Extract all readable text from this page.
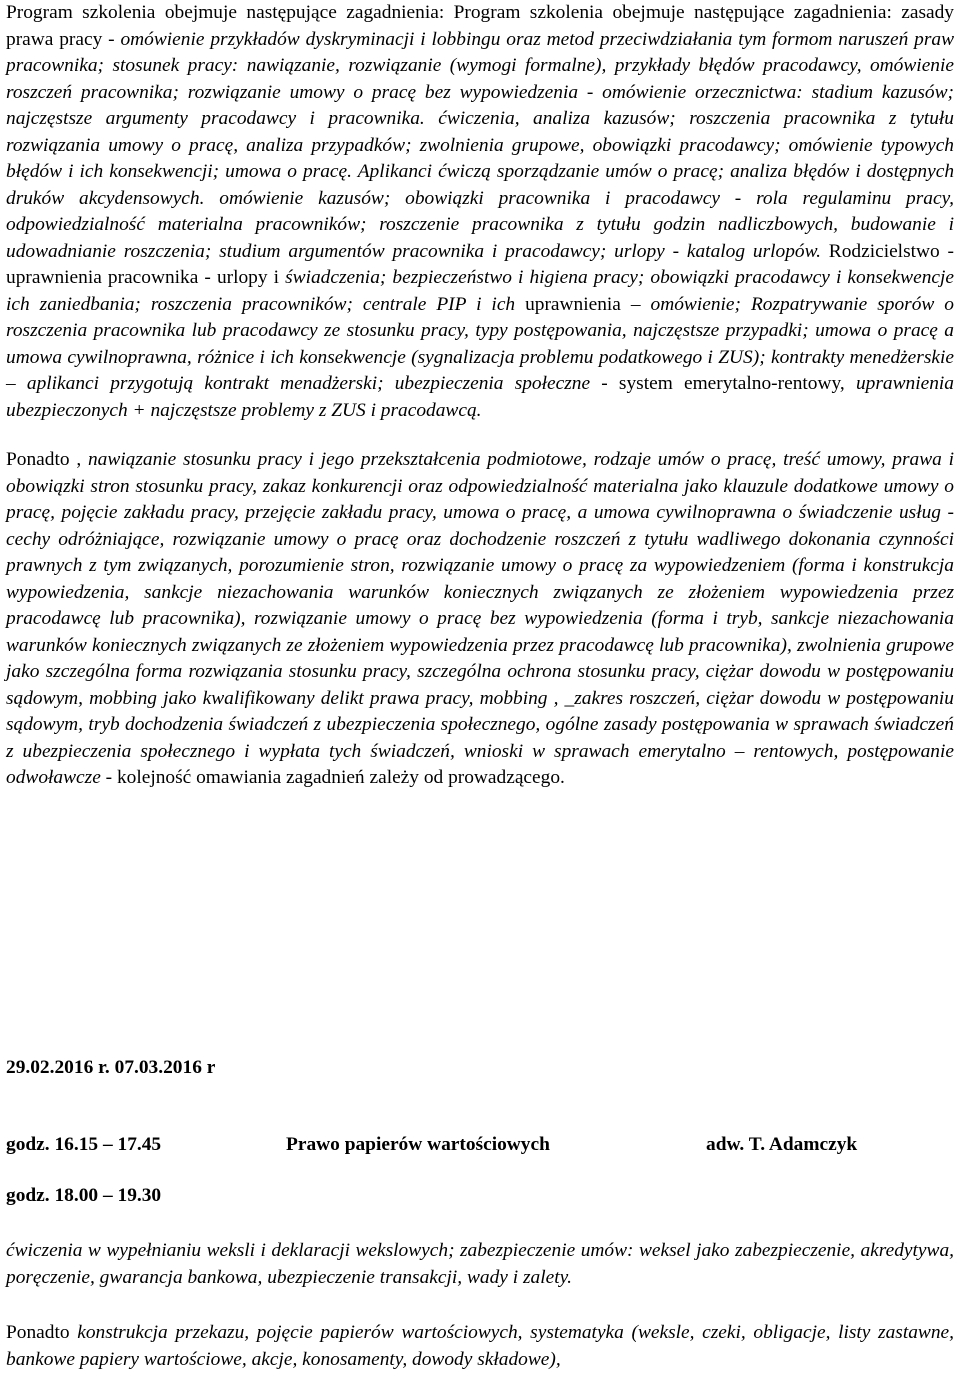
Program szkolenia obejmuje następujące zagadnienia: Program szkolenia obejmuje następujące zagadnienia: zasady prawa pracy - omówienie przykładów dyskryminacji i lobbingu oraz metod przeciwdziałania tym formom naruszeń praw pracownika; stosunek pracy: nawiązanie, rozwiązanie (wymogi formalne), przykłady błędów pracodawcy, omówienie roszczeń pracownika; rozwiązanie umowy o pracę bez wypowiedzenia - omówienie orzecznictwa: stadium kazusów; najczęstsze argumenty pracodawcy i pracownika. ćwiczenia, analiza kazusów; roszczenia pracownika z tytułu rozwiązania umowy o pracę, analiza przypadków; zwolnienia grupowe, obowiązki pracodawcy; omówienie typowych błędów i ich konsekwencji; umowa o pracę. Aplikanci ćwiczą sporządzanie umów o pracę; analiza błędów i dostępnych druków akcydensowych. omówienie kazusów; obowiązki pracownika i pracodawcy - rola regulaminu pracy, odpowiedzialność materialna pracowników; roszczenie pracownika z tytułu godzin nadliczbowych, budowanie i udowadnianie roszczenia; studium argumentów pracownika i pracodawcy; urlopy - katalog urlopów. Rodzicielstwo - uprawnienia pracownika - urlopy i świadczenia; bezpieczeństwo i higiena pracy; obowiązki pracodawcy i konsekwencje ich zaniedbania; roszczenia pracowników; centrale PIP i ich uprawnienia – omówienie; Rozpatrywanie sporów o roszczenia pracownika lub pracodawcy ze stosunku pracy, typy postępowania, najczęstsze przypadki; umowa o pracę a umowa cywilnoprawna, różnice i ich konsekwencje (sygnalizacja problemu podatkowego i ZUS); kontrakty menedżerskie – aplikanci przygotują kontrakt menadżerski; ubezpieczenia społeczne - system emerytalno-rentowy, uprawnienia ubezpieczonych + najczęstsze problemy z ZUS i pracodawcą.

Ponadto , nawiązanie stosunku pracy i jego przekształcenia podmiotowe, rodzaje umów o pracę, treść umowy, prawa i obowiązki stron stosunku pracy, zakaz konkurencji oraz odpowiedzialność materialna jako klauzule dodatkowe umowy o pracę, pojęcie zakładu pracy, przejęcie zakładu pracy, umowa o pracę, a umowa cywilnoprawna o świadczenie usług - cechy odróżniające, rozwiązanie umowy o pracę oraz dochodzenie roszczeń z tytułu wadliwego dokonania czynności prawnych z tym związanych, porozumienie stron, rozwiązanie umowy o pracę za wypowiedzeniem (forma i konstrukcja wypowiedzenia, sankcje niezachowania warunków koniecznych związanych ze złożeniem wypowiedzenia przez pracodawcę lub pracownika), rozwiązanie umowy o pracę bez wypowiedzenia (forma i tryb, sankcje niezachowania warunków koniecznych związanych ze złożeniem wypowiedzenia przez pracodawcę lub pracownika), zwolnienia grupowe jako szczególna forma rozwiązania stosunku pracy, szczególna ochrona stosunku pracy, ciężar dowodu w postępowaniu sądowym, mobbing jako kwalifikowany delikt prawa pracy, mobbing , _zakres roszczeń, ciężar dowodu w postępowaniu sądowym, tryb dochodzenia świadczeń z ubezpieczenia społecznego, ogólne zasady postępowania w sprawach świadczeń z ubezpieczenia społecznego i wypłata tych świadczeń, wnioski w sprawach emerytalno – rentowych, postępowanie odwoławcze - kolejność omawiania zagadnień zależy od prowadzącego.

29.02.2016 r. 07.03.2016 r
godz. 16.15 – 17.45	Prawo papierów wartościowych	adw. T. Adamczyk
godz. 18.00 – 19.30

ćwiczenia w wypełnianiu weksli i deklaracji wekslowych; zabezpieczenie umów: weksel jako zabezpieczenie, akredytywa, poręczenie, gwarancja bankowa, ubezpieczenie transakcji, wady i zalety.

Ponadto konstrukcja przekazu, pojęcie papierów wartościowych, systematyka (weksle, czeki, obligacje, listy zastawne, bankowe papiery wartościowe, akcje, konosamenty, dowody składowe),
